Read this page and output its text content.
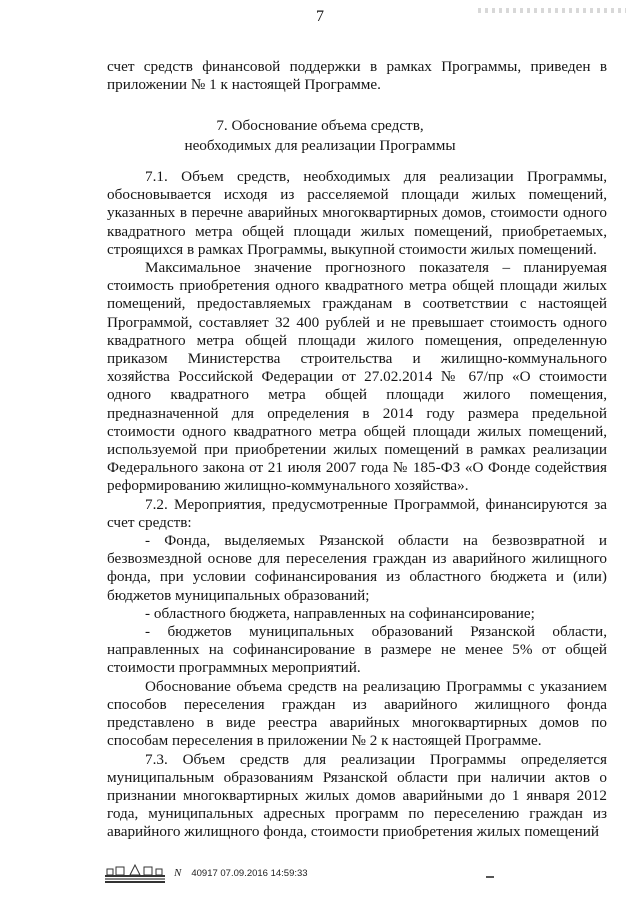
7

счет средств финансовой поддержки в рамках Программы, приведен в приложении № 1 к настоящей Программе.

7. Обоснование объема средств,
необходимых для реализации Программы

7.1. Объем средств, необходимых для реализации Программы, обосновывается исходя из расселяемой площади жилых помещений, указанных в перечне аварийных многоквартирных домов, стоимости одного квадратного метра общей площади жилых помещений, приобретаемых, строящихся в рамках Программы, выкупной стоимости жилых помещений.

Максимальное значение прогнозного показателя – планируемая стоимость приобретения одного квадратного метра общей площади жилых помещений, предоставляемых гражданам в соответствии с настоящей Программой, составляет 32 400 рублей и не превышает стоимость одного квадратного метра общей площади жилого помещения, определенную приказом Министерства строительства и жилищно-коммунального хозяйства Российской Федерации от 27.02.2014 № 67/пр «О стоимости одного квадратного метра общей площади жилого помещения, предназначенной для определения в 2014 году размера предельной стоимости одного квадратного метра общей площади жилых помещений, используемой при приобретении жилых помещений в рамках реализации Федерального закона от 21 июля 2007 года № 185-ФЗ «О Фонде содействия реформированию жилищно-коммунального хозяйства».

7.2. Мероприятия, предусмотренные Программой, финансируются за счет средств:

- Фонда, выделяемых Рязанской области на безвозвратной и безвозмездной основе для переселения граждан из аварийного жилищного фонда, при условии софинансирования из областного бюджета и (или) бюджетов муниципальных образований;

- областного бюджета, направленных на софинансирование;

- бюджетов муниципальных образований Рязанской области, направленных на софинансирование в размере не менее 5% от общей стоимости программных мероприятий.

Обоснование объема средств на реализацию Программы с указанием способов переселения граждан из аварийного жилищного фонда представлено в виде реестра аварийных многоквартирных домов по способам переселения в приложении № 2 к настоящей Программе.

7.3. Объем средств для реализации Программы определяется муниципальным образованиям Рязанской области при наличии актов о признании многоквартирных жилых домов аварийными до 1 января 2012 года, муниципальных адресных программ по переселению граждан из аварийного жилищного фонда, стоимости приобретения жилых помещений

N 40917 07.09.2016 14:59:33
